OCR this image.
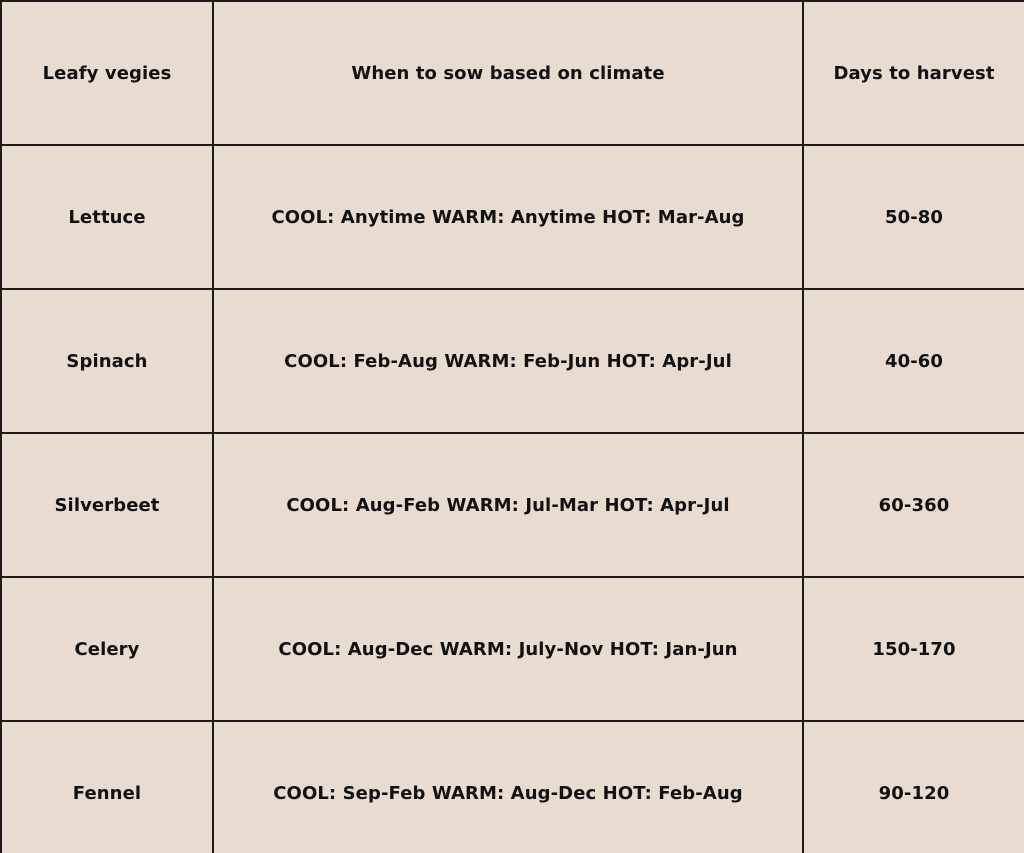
Leafy vegies	When to sow based on climate	Days to harvest
Lettuce	COOL: Anytime WARM: Anytime HOT: Mar-Aug	50-80
Spinach	COOL: Feb-Aug WARM: Feb-Jun HOT: Apr-Jul	40-60
Silverbeet	COOL: Aug-Feb WARM: Jul-Mar HOT: Apr-Jul	60-360
Celery	COOL: Aug-Dec WARM: July-Nov HOT: Jan-Jun	150-170
Fennel	COOL: Sep-Feb WARM: Aug-Dec HOT: Feb-Aug	90-120
